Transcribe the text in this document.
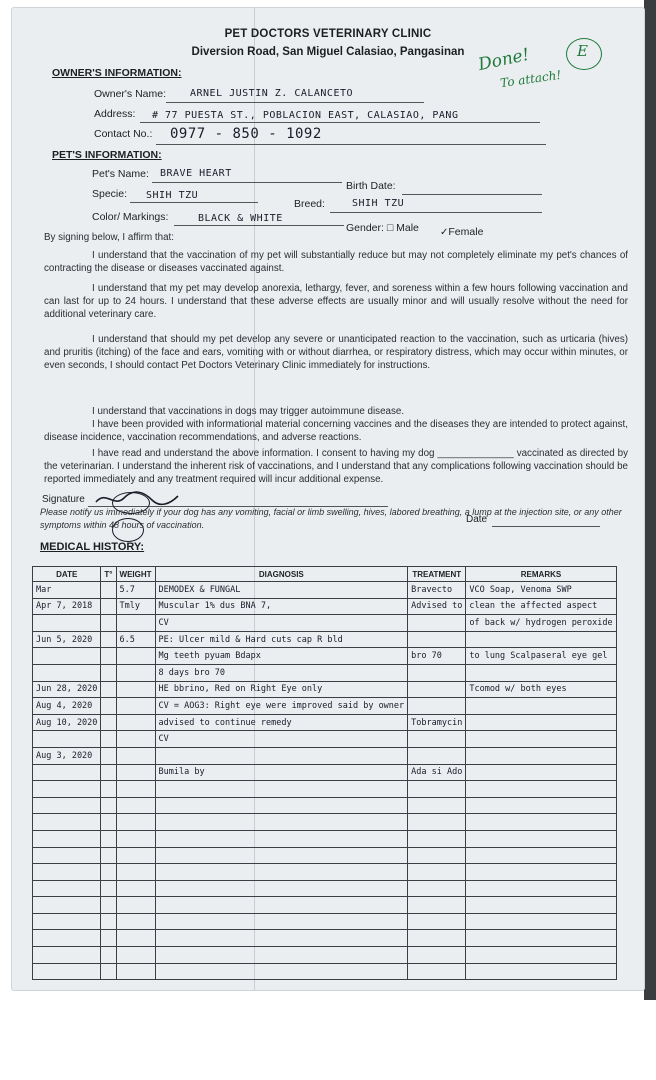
PET DOCTORS VETERINARY CLINIC
Diversion Road, San Miguel Calasiao, Pangasinan Done!
To attach!
E
OWNER'S INFORMATION:
Owner's Name: ARNEL JUSTIN Z. CALANCETO
Address: # 77 PUESTA ST., POBLACION EAST, CALASIAO, PANG
Contact No.: 0977 - 850 - 1092
PET'S INFORMATION:
Pet's Name: BRAVE HEART
Birth Date:
Specie: SHIH TZU
Breed:	SHIH TZU
Color/ Markings:	BLACK & WHITE
Gender: □ Male ✓Female
By signing below, I affirm that:
I understand that the vaccination of my pet will substantially reduce but may not completely eliminate my pet's chances of contracting the disease or diseases vaccinated against.
I understand that my pet may develop anorexia, lethargy, fever, and soreness within a few hours following vaccination and can last for up to 24 hours. I understand that these adverse effects are usually minor and will usually resolve without the need for additional veterinary care.
I understand that should my pet develop any severe or unanticipated reaction to the vaccination, such as urticaria (hives) and pruritis (itching) of the face and ears, vomiting with or without diarrhea, or respiratory distress, which may occur within minutes, or even seconds, I should contact Pet Doctors Veterinary Clinic immediately for instructions.
I understand that vaccinations in dogs may trigger autoimmune disease.
I have been provided with informational material concerning vaccines and the diseases they are intended to protect against, disease incidence, vaccination recommendations, and adverse reactions.
I have read and understand the above information. I consent to having my dog ______________ vaccinated as directed by the veterinarian. I understand the inherent risk of vaccinations, and I understand that any complications following vaccination should be reported immediately and any treatment required will incur additional expense.
Signature
Date
Please notify us immediately if your dog has any vomiting, facial or limb swelling, hives, labored breathing, a lump at the injection site, or any other symptoms within 48 hours of vaccination.
MEDICAL HISTORY:
DATE	T°	WEIGHT	DIAGNOSIS	TREATMENT	REMARKS
Mar		5.7	DEMODEX & FUNGAL	Bravecto	VCO Soap, Venoma SWP
Apr 7, 2018		Tmly	Muscular 1% dus BNA 7,	Advised to	clean the affected aspect
			CV		of back w/ hydrogen peroxide
Jun 5, 2020		6.5	PE: Ulcer mild & Hard cuts cap R bld		
			Mg teeth pyuam Bdapx	bro 70	to lung Scalpaseral eye gel
			8 days bro 70		
Jun 28, 2020			HE bbrino, Red on Right Eye only		Tcomod w/ both eyes
Aug 4, 2020			CV = AOG3: Right eye were improved said by owner		
Aug 10, 2020			advised to continue remedy	Tobramycin	
			CV		
Aug 3, 2020					
			Bumila by	Ada si Ado	
